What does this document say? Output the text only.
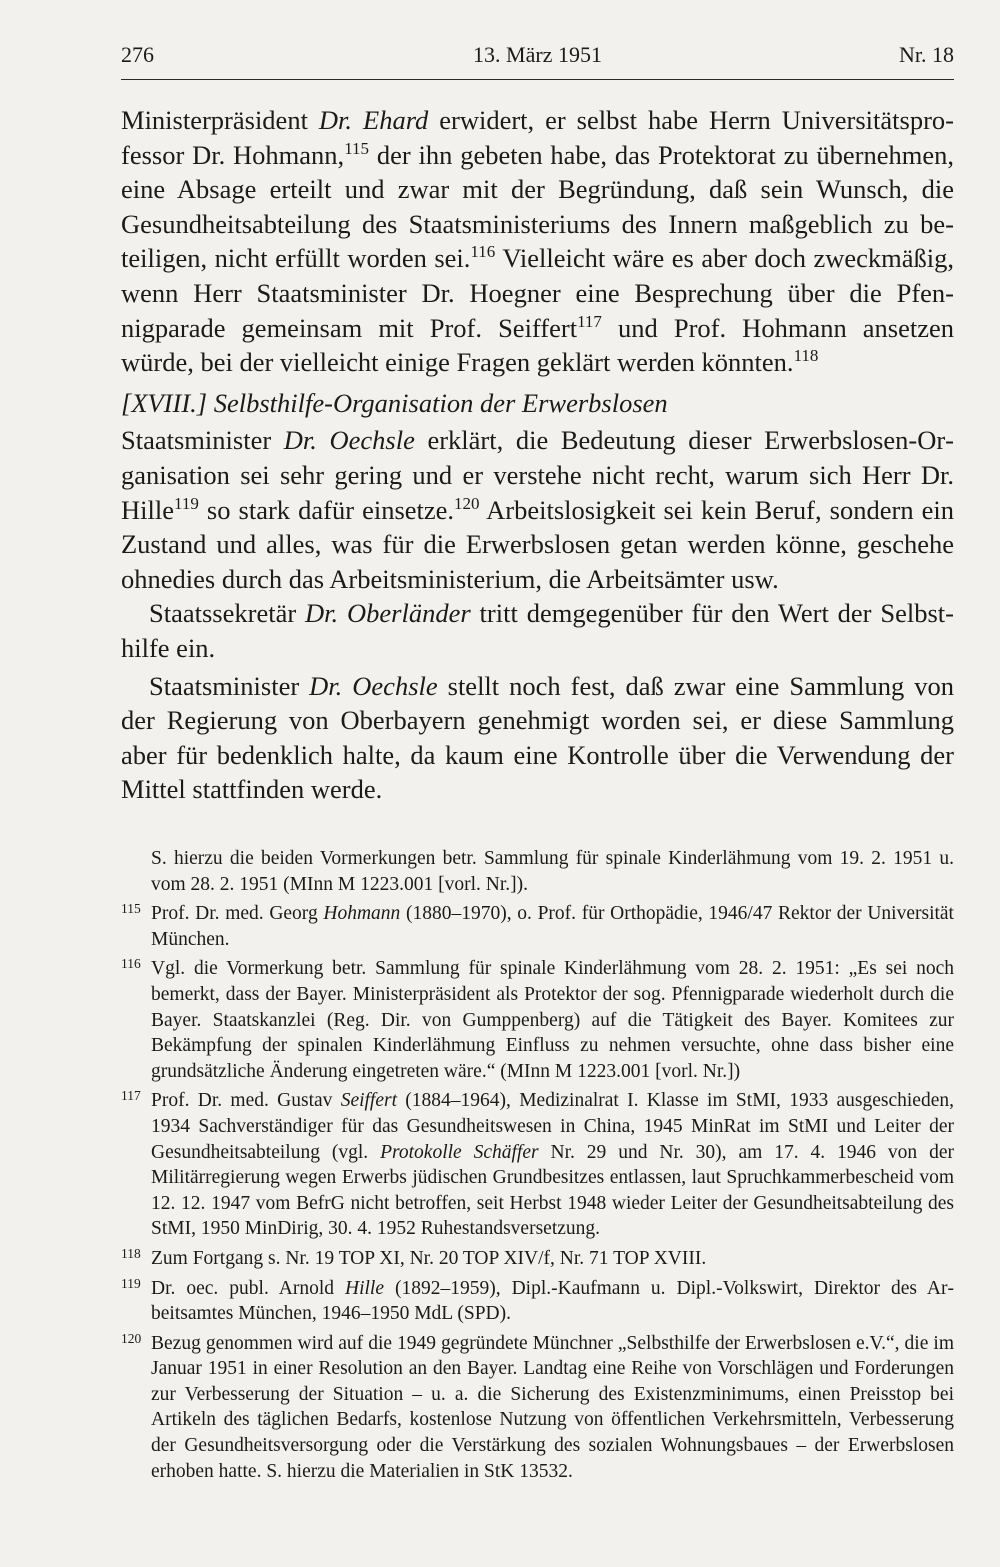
276	13. März 1951	Nr. 18

Ministerpräsident Dr. Ehard erwidert, er selbst habe Herrn Universitätsprofessor Dr. Hohmann,$^{115}$ der ihn gebeten habe, das Protektorat zu übernehmen, eine Absage erteilt und zwar mit der Begründung, daß sein Wunsch, die Gesundheitsabteilung des Staatsministeriums des Innern maßgeblich zu beteiligen, nicht erfüllt worden sei.$^{116}$ Vielleicht wäre es aber doch zweckmäßig, wenn Herr Staatsminister Dr. Hoegner eine Besprechung über die Pfennigparade gemeinsam mit Prof. Seiffert$^{117}$ und Prof. Hohmann ansetzen würde, bei der vielleicht einige Fragen geklärt werden könnten.$^{118}$

[XVIII.] Selbsthilfe-Organisation der Erwerbslosen

Staatsminister Dr. Oechsle erklärt, die Bedeutung dieser Erwerbslosen-Organisation sei sehr gering und er verstehe nicht recht, warum sich Herr Dr. Hille$^{119}$ so stark dafür einsetze.$^{120}$ Arbeitslosigkeit sei kein Beruf, sondern ein Zustand und alles, was für die Erwerbslosen getan werden könne, geschehe ohnedies durch das Arbeitsministerium, die Arbeitsämter usw.

Staatssekretär Dr. Oberländer tritt demgegenüber für den Wert der Selbsthilfe ein.

Staatsminister Dr. Oechsle stellt noch fest, daß zwar eine Sammlung von der Regierung von Oberbayern genehmigt worden sei, er diese Sammlung aber für bedenklich halte, da kaum eine Kontrolle über die Verwendung der Mittel stattfinden werde.

S. hierzu die beiden Vormerkungen betr. Sammlung für spinale Kinderlähmung vom 19. 2. 1951 u. vom 28. 2. 1951 (MInn M 1223.001 [vorl. Nr.]).
115 Prof. Dr. med. Georg Hohmann (1880–1970), o. Prof. für Orthopädie, 1946/47 Rektor der Universität München.
116 Vgl. die Vormerkung betr. Sammlung für spinale Kinderlähmung vom 28. 2. 1951: „Es sei noch bemerkt, dass der Bayer. Ministerpräsident als Protektor der sog. Pfennigparade wiederholt durch die Bayer. Staatskanzlei (Reg. Dir. von Gumppenberg) auf die Tätigkeit des Bayer. Komitees zur Bekämpfung der spinalen Kinderlähmung Einfluss zu nehmen versuchte, ohne dass bisher eine grundsätzliche Änderung eingetreten wäre.“ (MInn M 1223.001 [vorl. Nr.])
117 Prof. Dr. med. Gustav Seiffert (1884–1964), Medizinalrat I. Klasse im StMI, 1933 ausgeschieden, 1934 Sachverständiger für das Gesundheitswesen in China, 1945 MinRat im StMI und Leiter der Gesundheitsabteilung (vgl. Protokolle Schäffer Nr. 29 und Nr. 30), am 17. 4. 1946 von der Militärregierung wegen Erwerbs jüdischen Grundbesitzes entlassen, laut Spruchkammerbescheid vom 12. 12. 1947 vom BefrG nicht betroffen, seit Herbst 1948 wieder Leiter der Gesundheitsabteilung des StMI, 1950 MinDirig, 30. 4. 1952 Ruhestandsversetzung.
118 Zum Fortgang s. Nr. 19 TOP XI, Nr. 20 TOP XIV/f, Nr. 71 TOP XVIII.
119 Dr. oec. publ. Arnold Hille (1892–1959), Dipl.-Kaufmann u. Dipl.-Volkswirt, Direktor des Arbeitsamtes München, 1946–1950 MdL (SPD).
120 Bezug genommen wird auf die 1949 gegründete Münchner „Selbsthilfe der Erwerbslosen e.V.“, die im Januar 1951 in einer Resolution an den Bayer. Landtag eine Reihe von Vorschlägen und Forderungen zur Verbesserung der Situation – u. a. die Sicherung des Existenzminimums, einen Preisstop bei Artikeln des täglichen Bedarfs, kostenlose Nutzung von öffentlichen Verkehrsmitteln, Verbesserung der Gesundheitsversorgung oder die Verstärkung des sozialen Wohnungsbaues – der Erwerbslosen erhoben hatte. S. hierzu die Materialien in StK 13532.
